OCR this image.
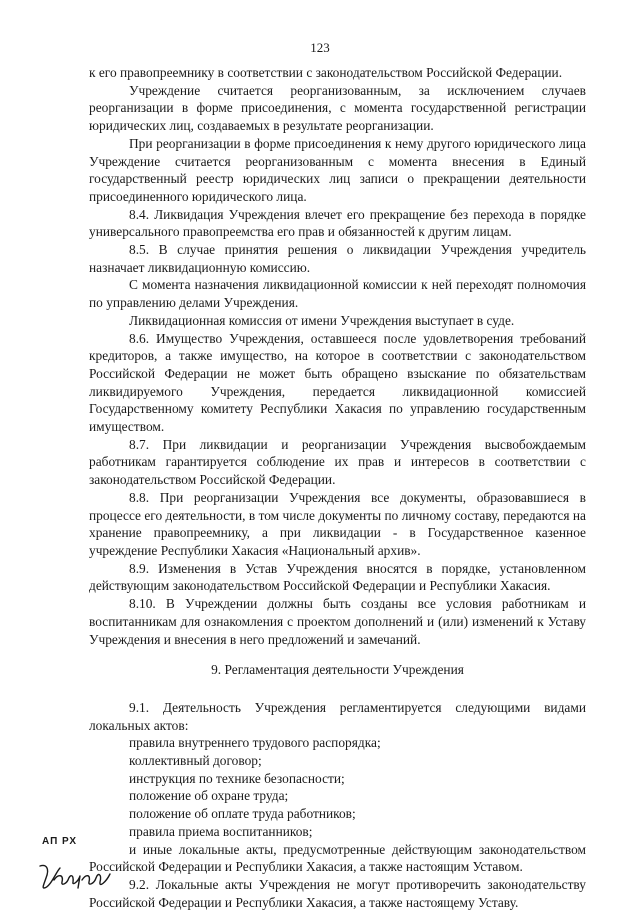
123

к его правопреемнику в соответствии с законодательством Российской Федерации.

Учреждение считается реорганизованным, за исключением случаев реорганизации в форме присоединения, с момента государственной регистрации юридических лиц, создаваемых в результате реорганизации.

При реорганизации в форме присоединения к нему другого юридического лица Учреждение считается реорганизованным с момента внесения в Единый государственный реестр юридических лиц записи о прекращении деятельности присоединенного юридического лица.

8.4. Ликвидация Учреждения влечет его прекращение без перехода в порядке универсального правопреемства его прав и обязанностей к другим лицам.

8.5. В случае принятия решения о ликвидации Учреждения учредитель назначает ликвидационную комиссию.

С момента назначения ликвидационной комиссии к ней переходят полномочия по управлению делами Учреждения.

Ликвидационная комиссия от имени Учреждения выступает в суде.

8.6. Имущество Учреждения, оставшееся после удовлетворения требований кредиторов, а также имущество, на которое в соответствии с законодательством Российской Федерации не может быть обращено взыскание по обязательствам ликвидируемого Учреждения, передается ликвидационной комиссией Государственному комитету Республики Хакасия по управлению государственным имуществом.

8.7. При ликвидации и реорганизации Учреждения высвобождаемым работникам гарантируется соблюдение их прав и интересов в соответствии с законодательством Российской Федерации.

8.8. При реорганизации Учреждения все документы, образовавшиеся в процессе его деятельности, в том числе документы по личному составу, передаются на хранение правопреемнику, а при ликвидации - в Государственное казенное учреждение Республики Хакасия «Национальный архив».

8.9. Изменения в Устав Учреждения вносятся в порядке, установленном действующим законодательством Российской Федерации и Республики Хакасия.

8.10. В Учреждении должны быть созданы все условия работникам и воспитанникам для ознакомления с проектом дополнений и (или) изменений к Уставу Учреждения и внесения в него предложений и замечаний.

9. Регламентация деятельности Учреждения

9.1. Деятельность Учреждения регламентируется следующими видами локальных актов:

правила внутреннего трудового распорядка;

коллективный договор;

инструкция по технике безопасности;

положение об охране труда;

положение об оплате труда работников;

правила приема воспитанников;

и иные локальные акты, предусмотренные действующим законодательством Российской Федерации и Республики Хакасия, а также настоящим Уставом.

9.2. Локальные акты Учреждения не могут противоречить законодательству Российской Федерации и Республики Хакасия, а также настоящему Уставу.

АП РХ
